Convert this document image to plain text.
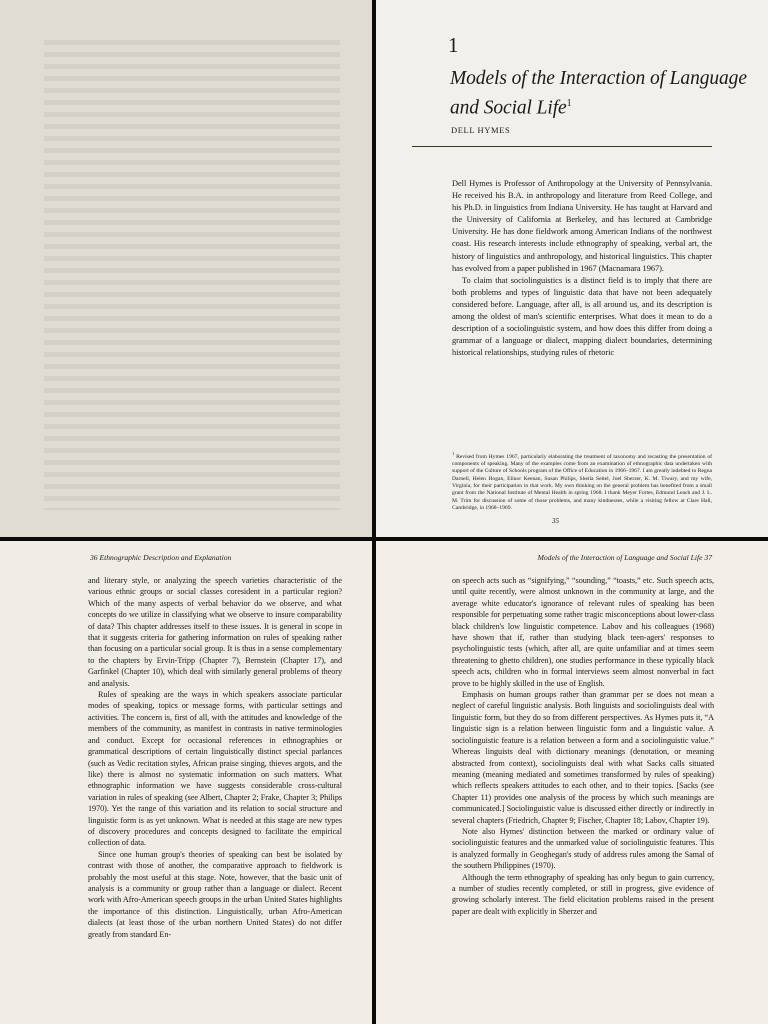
1
Models of the Interaction of Language and Social Life$^1$
DELL HYMES

Dell Hymes is Professor of Anthropology at the University of Pennsylvania. He received his B.A. in anthropology and literature from Reed College, and his Ph.D. in linguistics from Indiana University. He has taught at Harvard and the University of California at Berkeley, and has lectured at Cambridge University. He has done fieldwork among American Indians of the northwest coast. His research interests include ethnography of speaking, verbal art, the history of linguistics and anthropology, and historical linguistics. This chapter has evolved from a paper published in 1967 (Macnamara 1967).

To claim that sociolinguistics is a distinct field is to imply that there are both problems and types of linguistic data that have not been adequately considered before. Language, after all, is all around us, and its description is among the oldest of man's scientific enterprises. What does it mean to do a description of a sociolinguistic system, and how does this differ from doing a grammar of a language or dialect, mapping dialect boundaries, determining historical relationships, studying rules of rhetoric

$^1$ Revised from Hymes 1967, particularly elaborating the treatment of taxonomy and recasting the presentation of components of speaking. Many of the examples come from an examination of ethnographic data undertaken with support of the Culture of Schools program of the Office of Education in 1966–1967. I am greatly indebted to Regna Darnell, Helen Hogan, Elinor Keenan, Susan Philips, Sheila Seitel, Joel Sherzer, K. M. Tiwary, and my wife, Virginia, for their participation in that work. My own thinking on the general problem has benefited from a small grant from the National Institute of Mental Health in spring 1968. I thank Meyer Fortes, Edmund Leach and J. L. M. Trim for discussion of some of those problems, and many kindnesses, while a visiting fellow at Clare Hall, Cambridge, in 1968–1969.

35
36 Ethnographic Description and Explanation

and literary style, or analyzing the speech varieties characteristic of the various ethnic groups or social classes coresident in a particular region? Which of the many aspects of verbal behavior do we observe, and what concepts do we utilize in classifying what we observe to insure comparability of data? This chapter addresses itself to these issues. It is general in scope in that it suggests criteria for gathering information on rules of speaking rather than focusing on a particular social group. It is thus in a sense complementary to the chapters by Ervin-Tripp (Chapter 7), Bernstein (Chapter 17), and Garfinkel (Chapter 10), which deal with similarly general problems of theory and analysis.

Rules of speaking are the ways in which speakers associate particular modes of speaking, topics or message forms, with particular settings and activities. The concern is, first of all, with the attitudes and knowledge of the members of the community, as manifest in contrasts in native terminologies and conduct. Except for occasional references in ethnographies or grammatical descriptions of certain linguistically distinct special parlances (such as Vedic recitation styles, African praise singing, thieves argots, and the like) there is almost no systematic information on such matters. What ethnographic information we have suggests considerable cross-cultural variation in rules of speaking (see Albert, Chapter 2; Frake, Chapter 3; Philips 1970). Yet the range of this variation and its relation to social structure and linguistic form is as yet unknown. What is needed at this stage are new types of discovery procedures and concepts designed to facilitate the empirical collection of data.

Since one human group's theories of speaking can best be isolated by contrast with those of another, the comparative approach to fieldwork is probably the most useful at this stage. Note, however, that the basic unit of analysis is a community or group rather than a language or dialect. Recent work with Afro-American speech groups in the urban United States highlights the importance of this distinction. Linguistically, urban Afro-American dialects (at least those of the urban northern United States) do not differ greatly from standard En-

Models of the Interaction of Language and Social Life 37

on speech acts such as “signifying,” “sounding,” “toasts,” etc. Such speech acts, until quite recently, were almost unknown in the community at large, and the average white educator's ignorance of relevant rules of speaking has been responsible for perpetuating some rather tragic misconceptions about lower-class black children's low linguistic competence. Labov and his colleagues (1968) have shown that if, rather than studying black teen-agers' responses to psycholinguistic tests (which, after all, are quite unfamiliar and at times seem threatening to ghetto children), one studies performance in these typically black speech acts, children who in formal interviews seem almost nonverbal in fact prove to be highly skilled in the use of English.

Emphasis on human groups rather than grammar per se does not mean a neglect of careful linguistic analysis. Both linguists and sociolinguists deal with linguistic form, but they do so from different perspectives. As Hymes puts it, “A linguistic sign is a relation between linguistic form and a linguistic value. A sociolinguistic feature is a relation between a form and a sociolinguistic value.” Whereas linguists deal with dictionary meanings (denotation, or meaning abstracted from context), sociolinguists deal with what Sacks calls situated meaning (meaning mediated and sometimes transformed by rules of speaking) which reflects speakers attitudes to each other, and to their topics. [Sacks (see Chapter 11) provides one analysis of the process by which such meanings are communicated.] Sociolinguistic value is discussed either directly or indirectly in several chapters (Friedrich, Chapter 9; Fischer, Chapter 18; Labov, Chapter 19).

Note also Hymes' distinction between the marked or ordinary value of sociolinguistic features and the unmarked value of sociolinguistic features. This is analyzed formally in Geoghegan's study of address rules among the Samal of the southern Philippines (1970).

Although the term ethnography of speaking has only begun to gain currency, a number of studies recently completed, or still in progress, give evidence of growing scholarly interest. The field elicitation problems raised in the present paper are dealt with explicitly in Sherzer and
